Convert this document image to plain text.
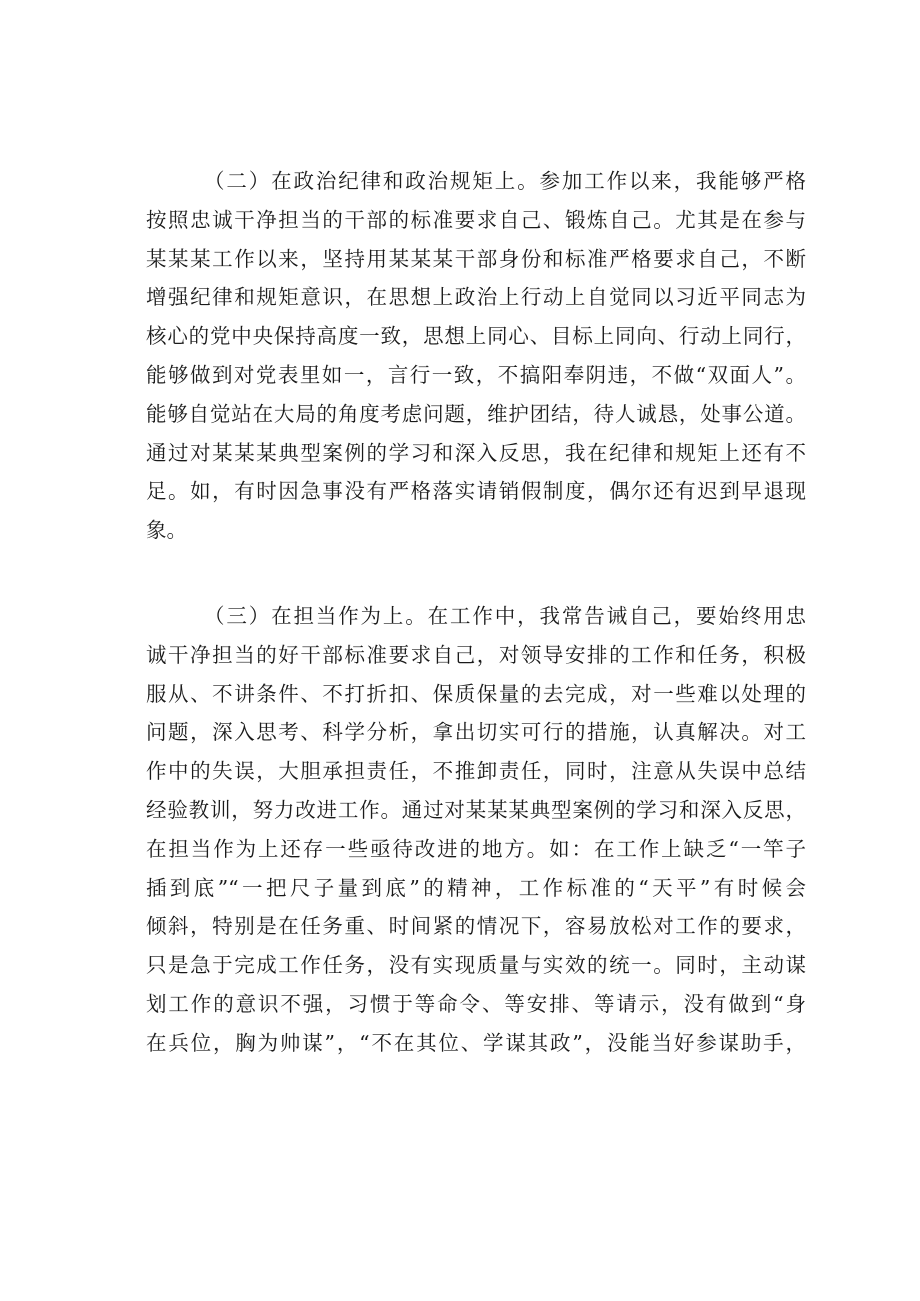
（二）在政治纪律和政治规矩上。参加工作以来，我能够严格
按照忠诚干净担当的干部的标准要求自己、锻炼自己。尤其是在参与
某某某工作以来，坚持用某某某干部身份和标准严格要求自己，不断
增强纪律和规矩意识，在思想上政治上行动上自觉同以习近平同志为
核心的党中央保持高度一致，思想上同心、目标上同向、行动上同行，
能够做到对党表里如一，言行一致，不搞阳奉阴违，不做“双面人”。
能够自觉站在大局的角度考虑问题，维护团结，待人诚恳，处事公道。
通过对某某某典型案例的学习和深入反思，我在纪律和规矩上还有不
足。如，有时因急事没有严格落实请销假制度，偶尔还有迟到早退现
象。
（三）在担当作为上。在工作中，我常告诫自己，要始终用忠
诚干净担当的好干部标准要求自己，对领导安排的工作和任务，积极
服从、不讲条件、不打折扣、保质保量的去完成，对一些难以处理的
问题，深入思考、科学分析，拿出切实可行的措施，认真解决。对工
作中的失误，大胆承担责任，不推卸责任，同时，注意从失误中总结
经验教训，努力改进工作。通过对某某某典型案例的学习和深入反思，
在担当作为上还存一些亟待改进的地方。如：在工作上缺乏“一竿子
插到底”“一把尺子量到底”的精神，工作标准的“天平”有时候会
倾斜，特别是在任务重、时间紧的情况下，容易放松对工作的要求，
只是急于完成工作任务，没有实现质量与实效的统一。同时，主动谋
划工作的意识不强，习惯于等命令、等安排、等请示，没有做到“身
在兵位，胸为帅谋”，“不在其位、学谋其政”，没能当好参谋助手，
